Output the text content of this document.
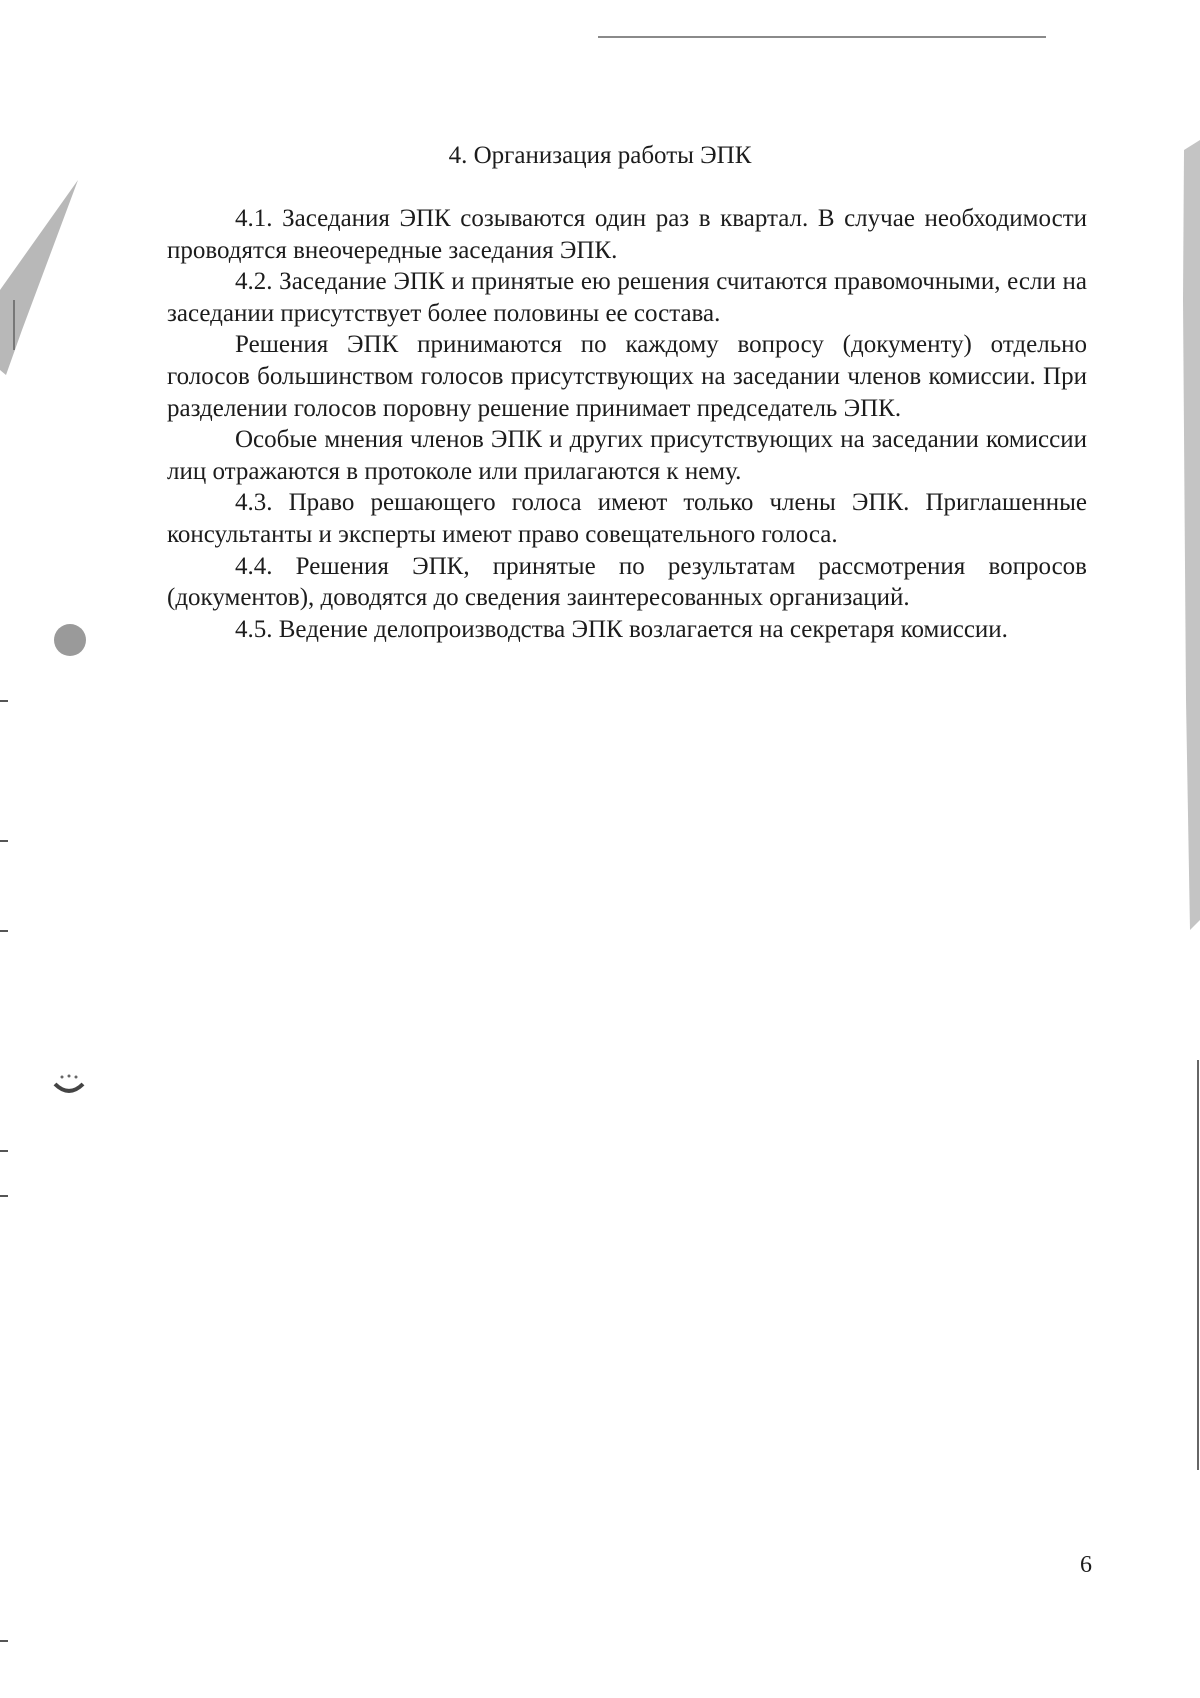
4. Организация работы ЭПК

4.1. Заседания ЭПК созываются один раз в квартал. В случае необходимости проводятся внеочередные заседания ЭПК.

4.2. Заседание ЭПК и принятые ею решения считаются правомочными, если на заседании присутствует более половины ее состава.

Решения ЭПК принимаются по каждому вопросу (документу) отдельно голосов большинством голосов присутствующих на заседании членов комиссии. При разделении голосов поровну решение принимает председатель ЭПК.

Особые мнения членов ЭПК и других присутствующих на заседании комиссии лиц отражаются в протоколе или прилагаются к нему.

4.3. Право решающего голоса имеют только члены ЭПК. Приглашенные консультанты и эксперты имеют право совещательного голоса.

4.4. Решения ЭПК, принятые по результатам рассмотрения вопросов (документов), доводятся до сведения заинтересованных организаций.

4.5. Ведение делопроизводства ЭПК возлагается на секретаря комиссии.

6
